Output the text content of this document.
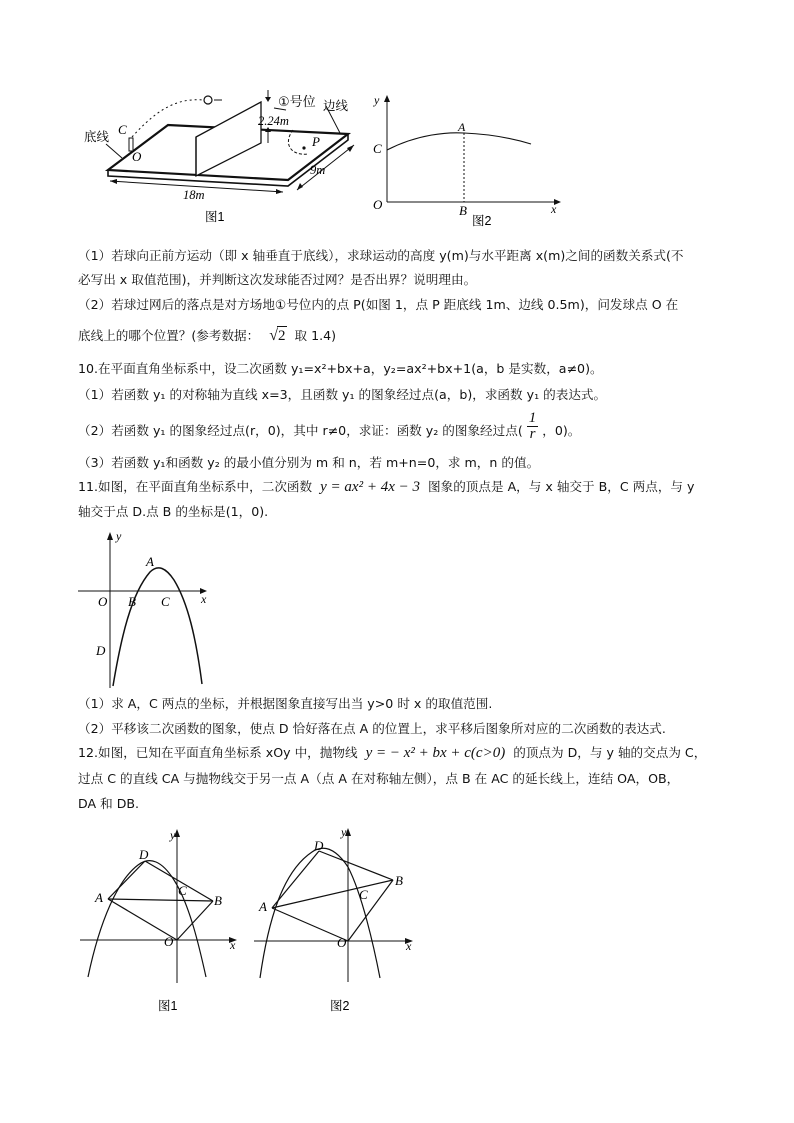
底线 C
O
①号位 边线
2.24m
P
9m
18m
图1
y
A
C
O	B	x
图2
（1）若球向正前方运动（即 x 轴垂直于底线），求球运动的高度 y(m)与水平距离 x(m)之间的函数关系式(不
必写出 x 取值范围)，并判断这次发球能否过网？是否出界？说明理由。
（2）若球过网后的落点是对方场地①号位内的点 P(如图 1，点 P 距底线 1m、边线 0.5m)，问发球点 O 在
底线上的哪个位置？(参考数据： √2 取 1.4)
10.在平面直角坐标系中，设二次函数 y₁=x²+bx+a，y₂=ax²+bx+1(a，b 是实数，a≠0)。
（1）若函数 y₁ 的对称轴为直线 x=3，且函数 y₁ 的图象经过点(a，b)，求函数 y₁ 的表达式。
（2）若函数 y₁ 的图象经过点(r，0)，其中 r≠0，求证：函数 y₂ 的图象经过点( $\frac{1}{r}$ ，0)。
（3）若函数 y₁和函数 y₂ 的最小值分别为 m 和 n，若 m+n=0，求 m，n 的值。
11.如图，在平面直角坐标系中，二次函数 y = ax² + 4x − 3 图象的顶点是 A，与 x 轴交于 B，C 两点，与 y
轴交于点 D.点 B 的坐标是(1，0).
y
A
O B C	x
D
（1）求 A，C 两点的坐标，并根据图象直接写出当 y>0 时 x 的取值范围.
（2）平移该二次函数的图象，使点 D 恰好落在点 A 的位置上，求平移后图象所对应的二次函数的表达式.
12.如图，已知在平面直角坐标系 xOy 中，抛物线 y = − x² + bx + c(c>0) 的顶点为 D，与 y 轴的交点为 C，
过点 C 的直线 CA 与抛物线交于另一点 A（点 A 在对称轴左侧），点 B 在 AC 的延长线上，连结 OA，OB，
DA 和 DB.
y
D
A	C
B
O	x
图1
y
D
A
C
B
O	x
图2
